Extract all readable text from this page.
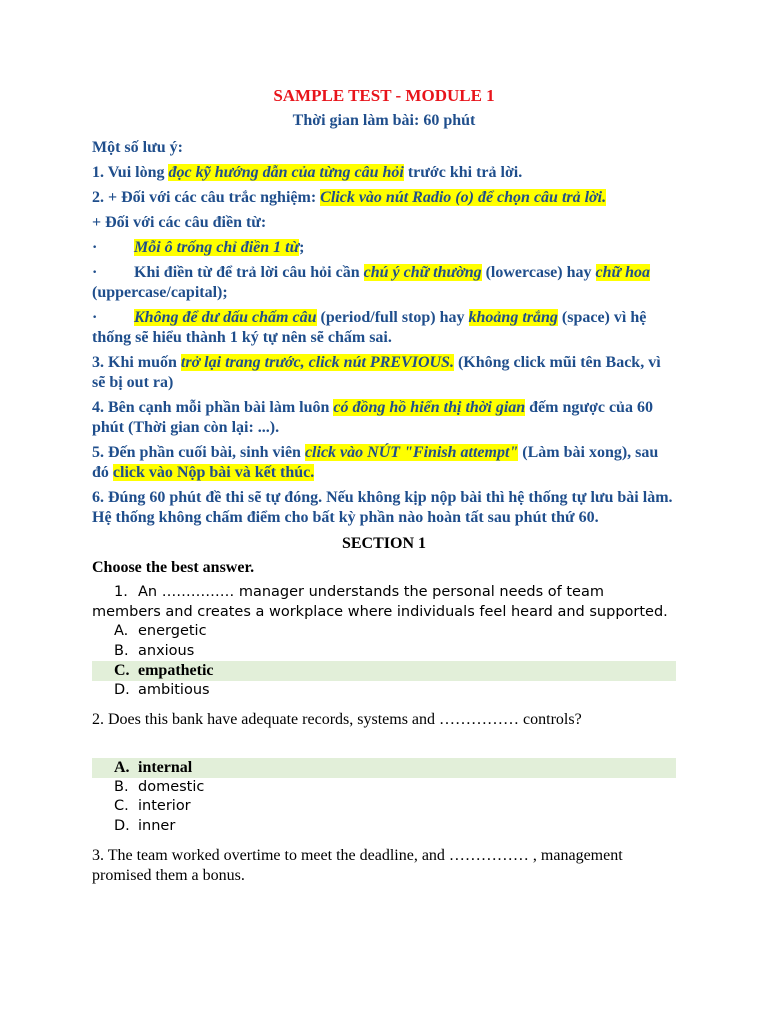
SAMPLE TEST - MODULE 1

Thời gian làm bài: 60 phút

Một số lưu ý:

1. Vui lòng đọc kỹ hướng dẫn của từng câu hỏi trước khi trả lời.

2. + Đối với các câu trắc nghiệm: Click vào nút Radio (o) để chọn câu trả lời.

+ Đối với các câu điền từ:

· Mỗi ô trống chỉ điền 1 từ;

· Khi điền từ để trả lời câu hỏi cần chú ý chữ thường (lowercase) hay chữ hoa (uppercase/capital);

· Không để dư dấu chấm câu (period/full stop) hay khoảng trắng (space) vì hệ thống sẽ hiểu thành 1 ký tự nên sẽ chấm sai.

3. Khi muốn trở lại trang trước, click nút PREVIOUS. (Không click mũi tên Back, vì sẽ bị out ra)

4. Bên cạnh mỗi phần bài làm luôn có đồng hồ hiển thị thời gian đếm ngược của 60 phút (Thời gian còn lại: ...).

5. Đến phần cuối bài, sinh viên click vào NÚT "Finish attempt" (Làm bài xong), sau đó click vào Nộp bài và kết thúc.

6. Đúng 60 phút đề thi sẽ tự đóng. Nếu không kịp nộp bài thì hệ thống tự lưu bài làm. Hệ thống không chấm điểm cho bất kỳ phần nào hoàn tất sau phút thứ 60.

SECTION 1

Choose the best answer.

1. An …………… manager understands the personal needs of team members and creates a workplace where individuals feel heard and supported.
A. energetic
B. anxious
C. empathetic
D. ambitious
2. Does this bank have adequate records, systems and …………… controls?
A. internal
B. domestic
C. interior
D. inner
3. The team worked overtime to meet the deadline, and …………… , management promised them a bonus.
